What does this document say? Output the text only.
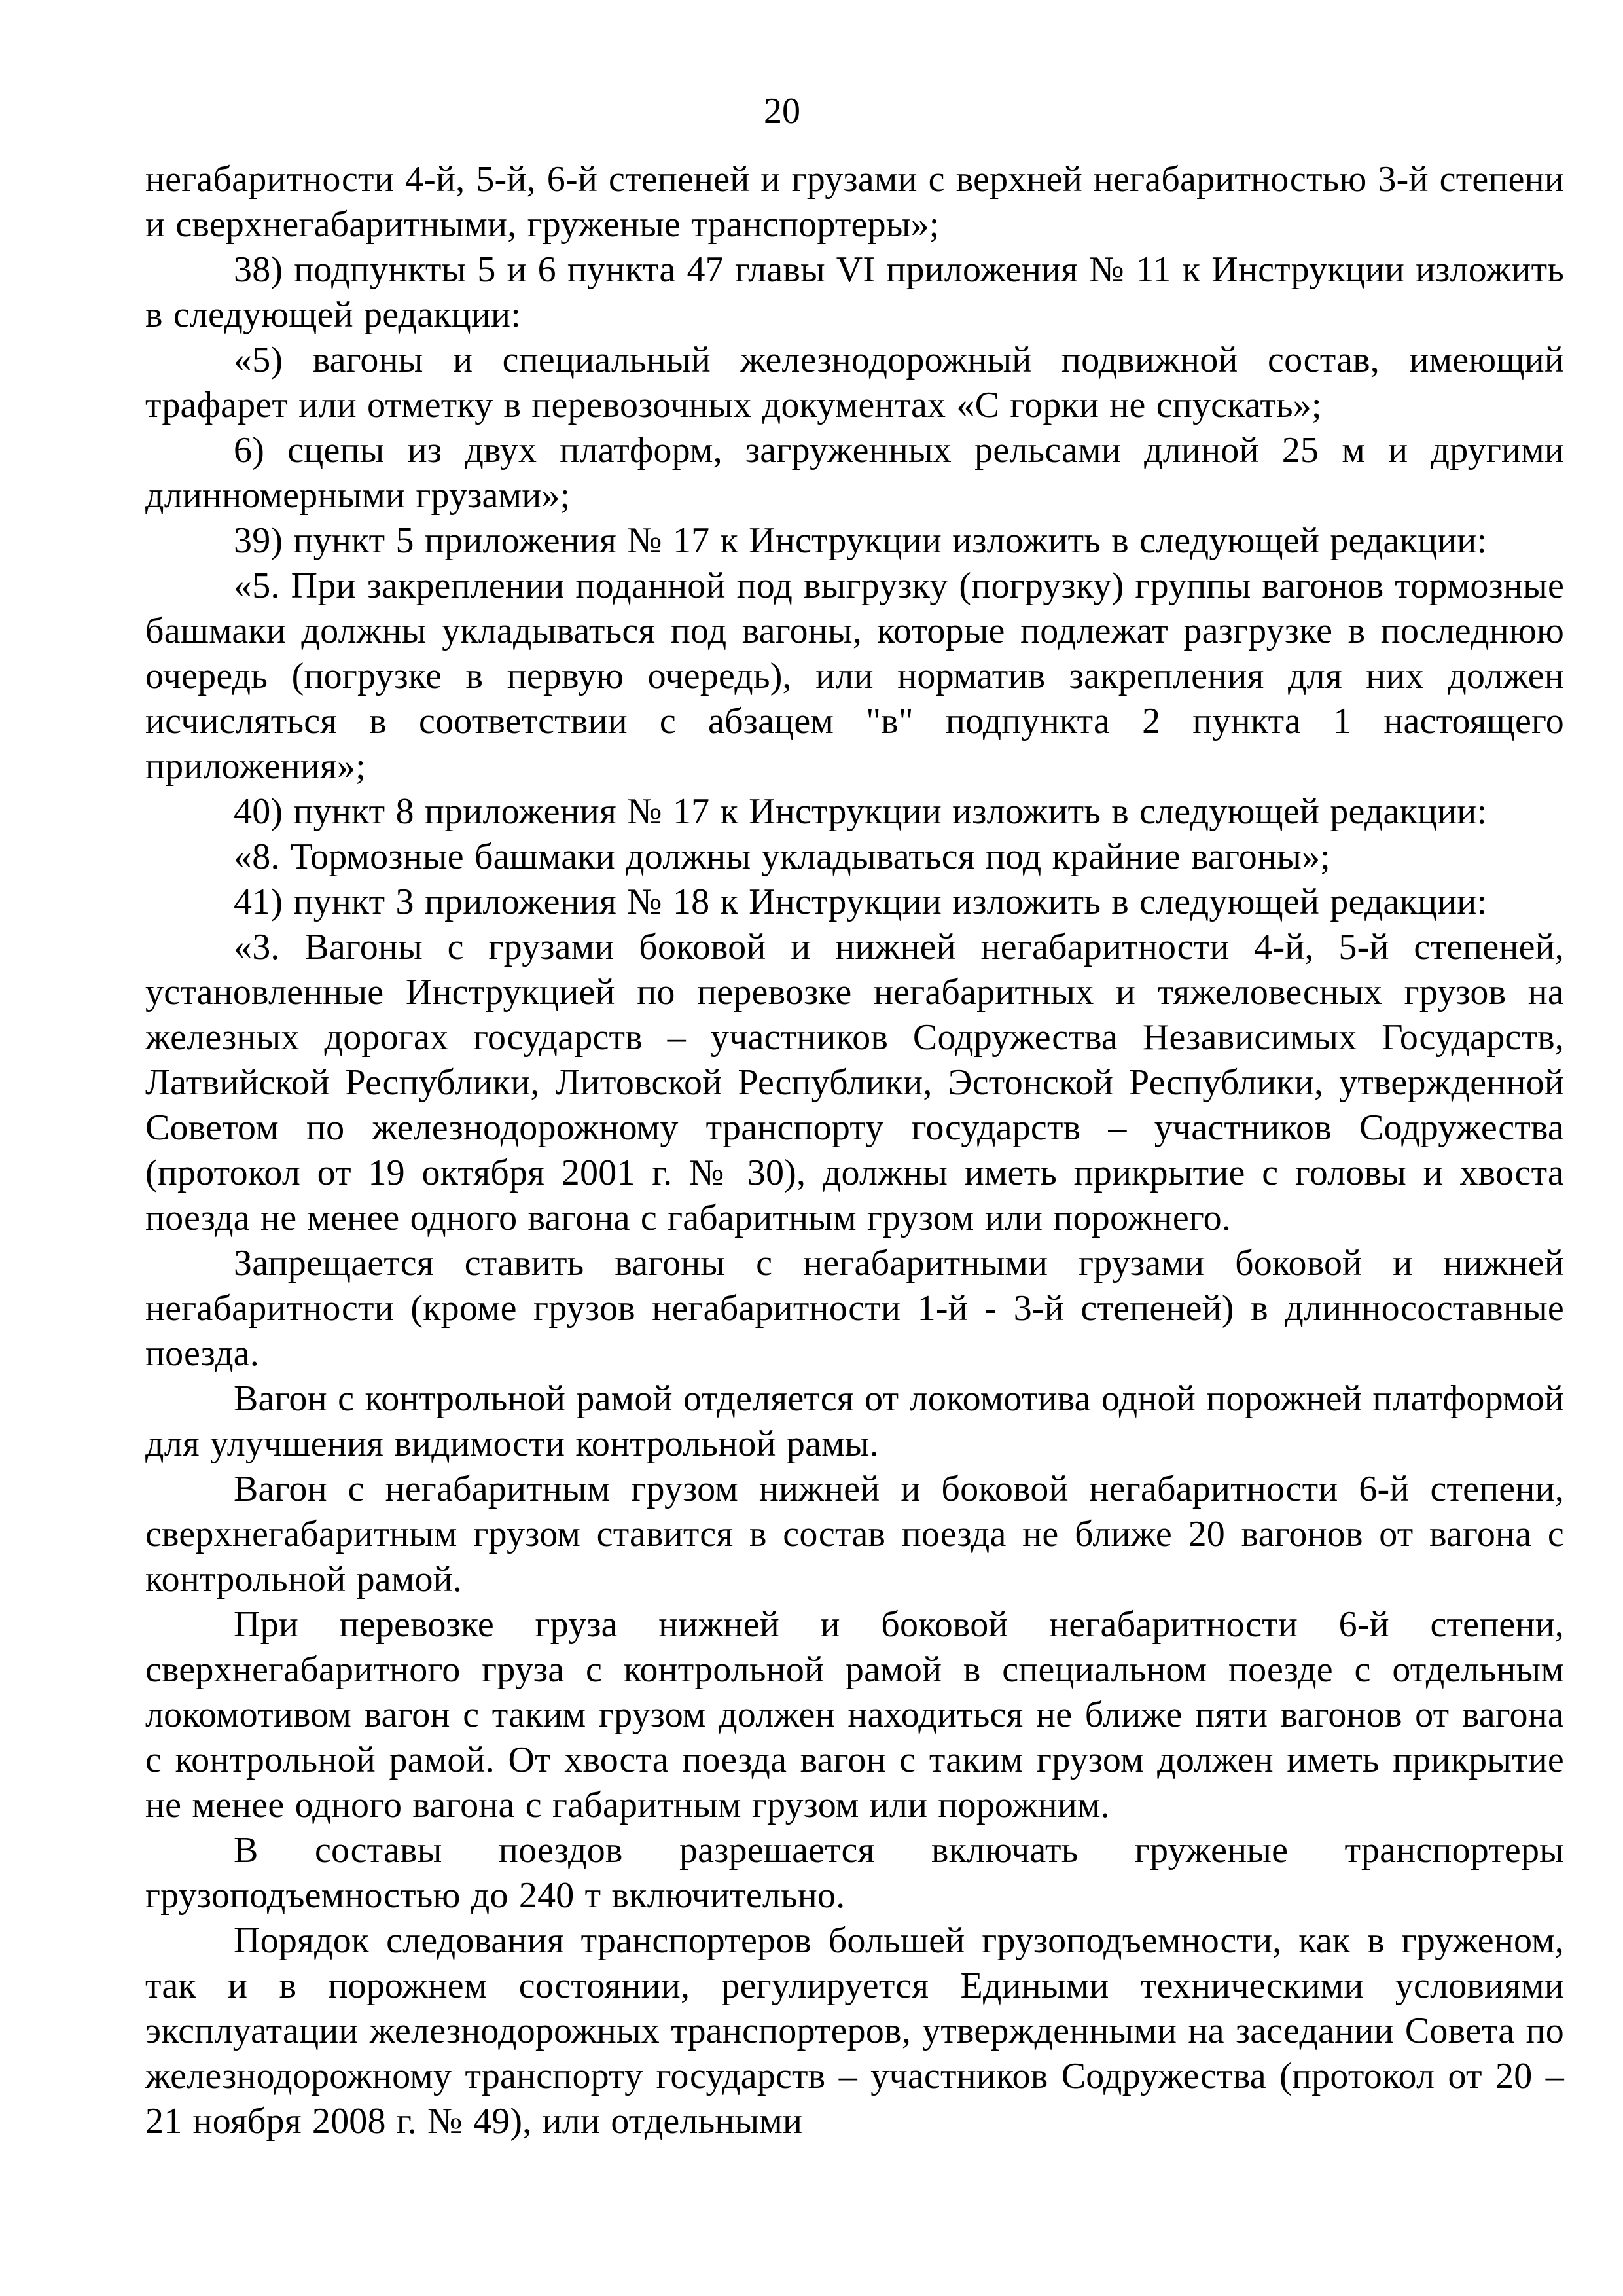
20

негабаритности 4-й, 5-й, 6-й степеней и грузами с верхней негабаритностью 3-й степени и сверхнегабаритными, груженые транспортеры»;

38) подпункты 5 и 6 пункта 47 главы VI приложения № 11 к Инструкции изложить в следующей редакции:

«5) вагоны и специальный железнодорожный подвижной состав, имеющий трафарет или отметку в перевозочных документах «С горки не спускать»;

6) сцепы из двух платформ, загруженных рельсами длиной 25 м и другими длинномерными грузами»;

39) пункт 5 приложения № 17 к Инструкции изложить в следующей редакции:

«5. При закреплении поданной под выгрузку (погрузку) группы вагонов тормозные башмаки должны укладываться под вагоны, которые подлежат разгрузке в последнюю очередь (погрузке в первую очередь), или норматив закрепления для них должен исчисляться в соответствии с абзацем "в" подпункта 2 пункта 1 настоящего приложения»;

40) пункт 8 приложения № 17 к Инструкции изложить в следующей редакции:

«8. Тормозные башмаки должны укладываться под крайние вагоны»;

41) пункт 3 приложения № 18 к Инструкции изложить в следующей редакции:

«3. Вагоны с грузами боковой и нижней негабаритности 4-й, 5-й степеней, установленные Инструкцией по перевозке негабаритных и тяжеловесных грузов на железных дорогах государств – участников Содружества Независимых Государств, Латвийской Республики, Литовской Республики, Эстонской Республики, утвержденной Советом по железнодорожному транспорту государств – участников Содружества (протокол от 19 октября 2001 г. № 30), должны иметь прикрытие с головы и хвоста поезда не менее одного вагона с габаритным грузом или порожнего.

Запрещается ставить вагоны с негабаритными грузами боковой и нижней негабаритности (кроме грузов негабаритности 1-й - 3-й степеней) в длинносоставные поезда.

Вагон с контрольной рамой отделяется от локомотива одной порожней платформой для улучшения видимости контрольной рамы.

Вагон с негабаритным грузом нижней и боковой негабаритности 6-й степени, сверхнегабаритным грузом ставится в состав поезда не ближе 20 вагонов от вагона с контрольной рамой.

При перевозке груза нижней и боковой негабаритности 6-й степени, сверхнегабаритного груза с контрольной рамой в специальном поезде с отдельным локомотивом вагон с таким грузом должен находиться не ближе пяти вагонов от вагона с контрольной рамой. От хвоста поезда вагон с таким грузом должен иметь прикрытие не менее одного вагона с габаритным грузом или порожним.

В составы поездов разрешается включать груженые транспортеры грузоподъемностью до 240 т включительно.

Порядок следования транспортеров большей грузоподъемности, как в груженом, так и в порожнем состоянии, регулируется Едиными техническими условиями эксплуатации железнодорожных транспортеров, утвержденными на заседании Совета по железнодорожному транспорту государств – участников Содружества (протокол от 20 – 21 ноября 2008 г. № 49), или отдельными
